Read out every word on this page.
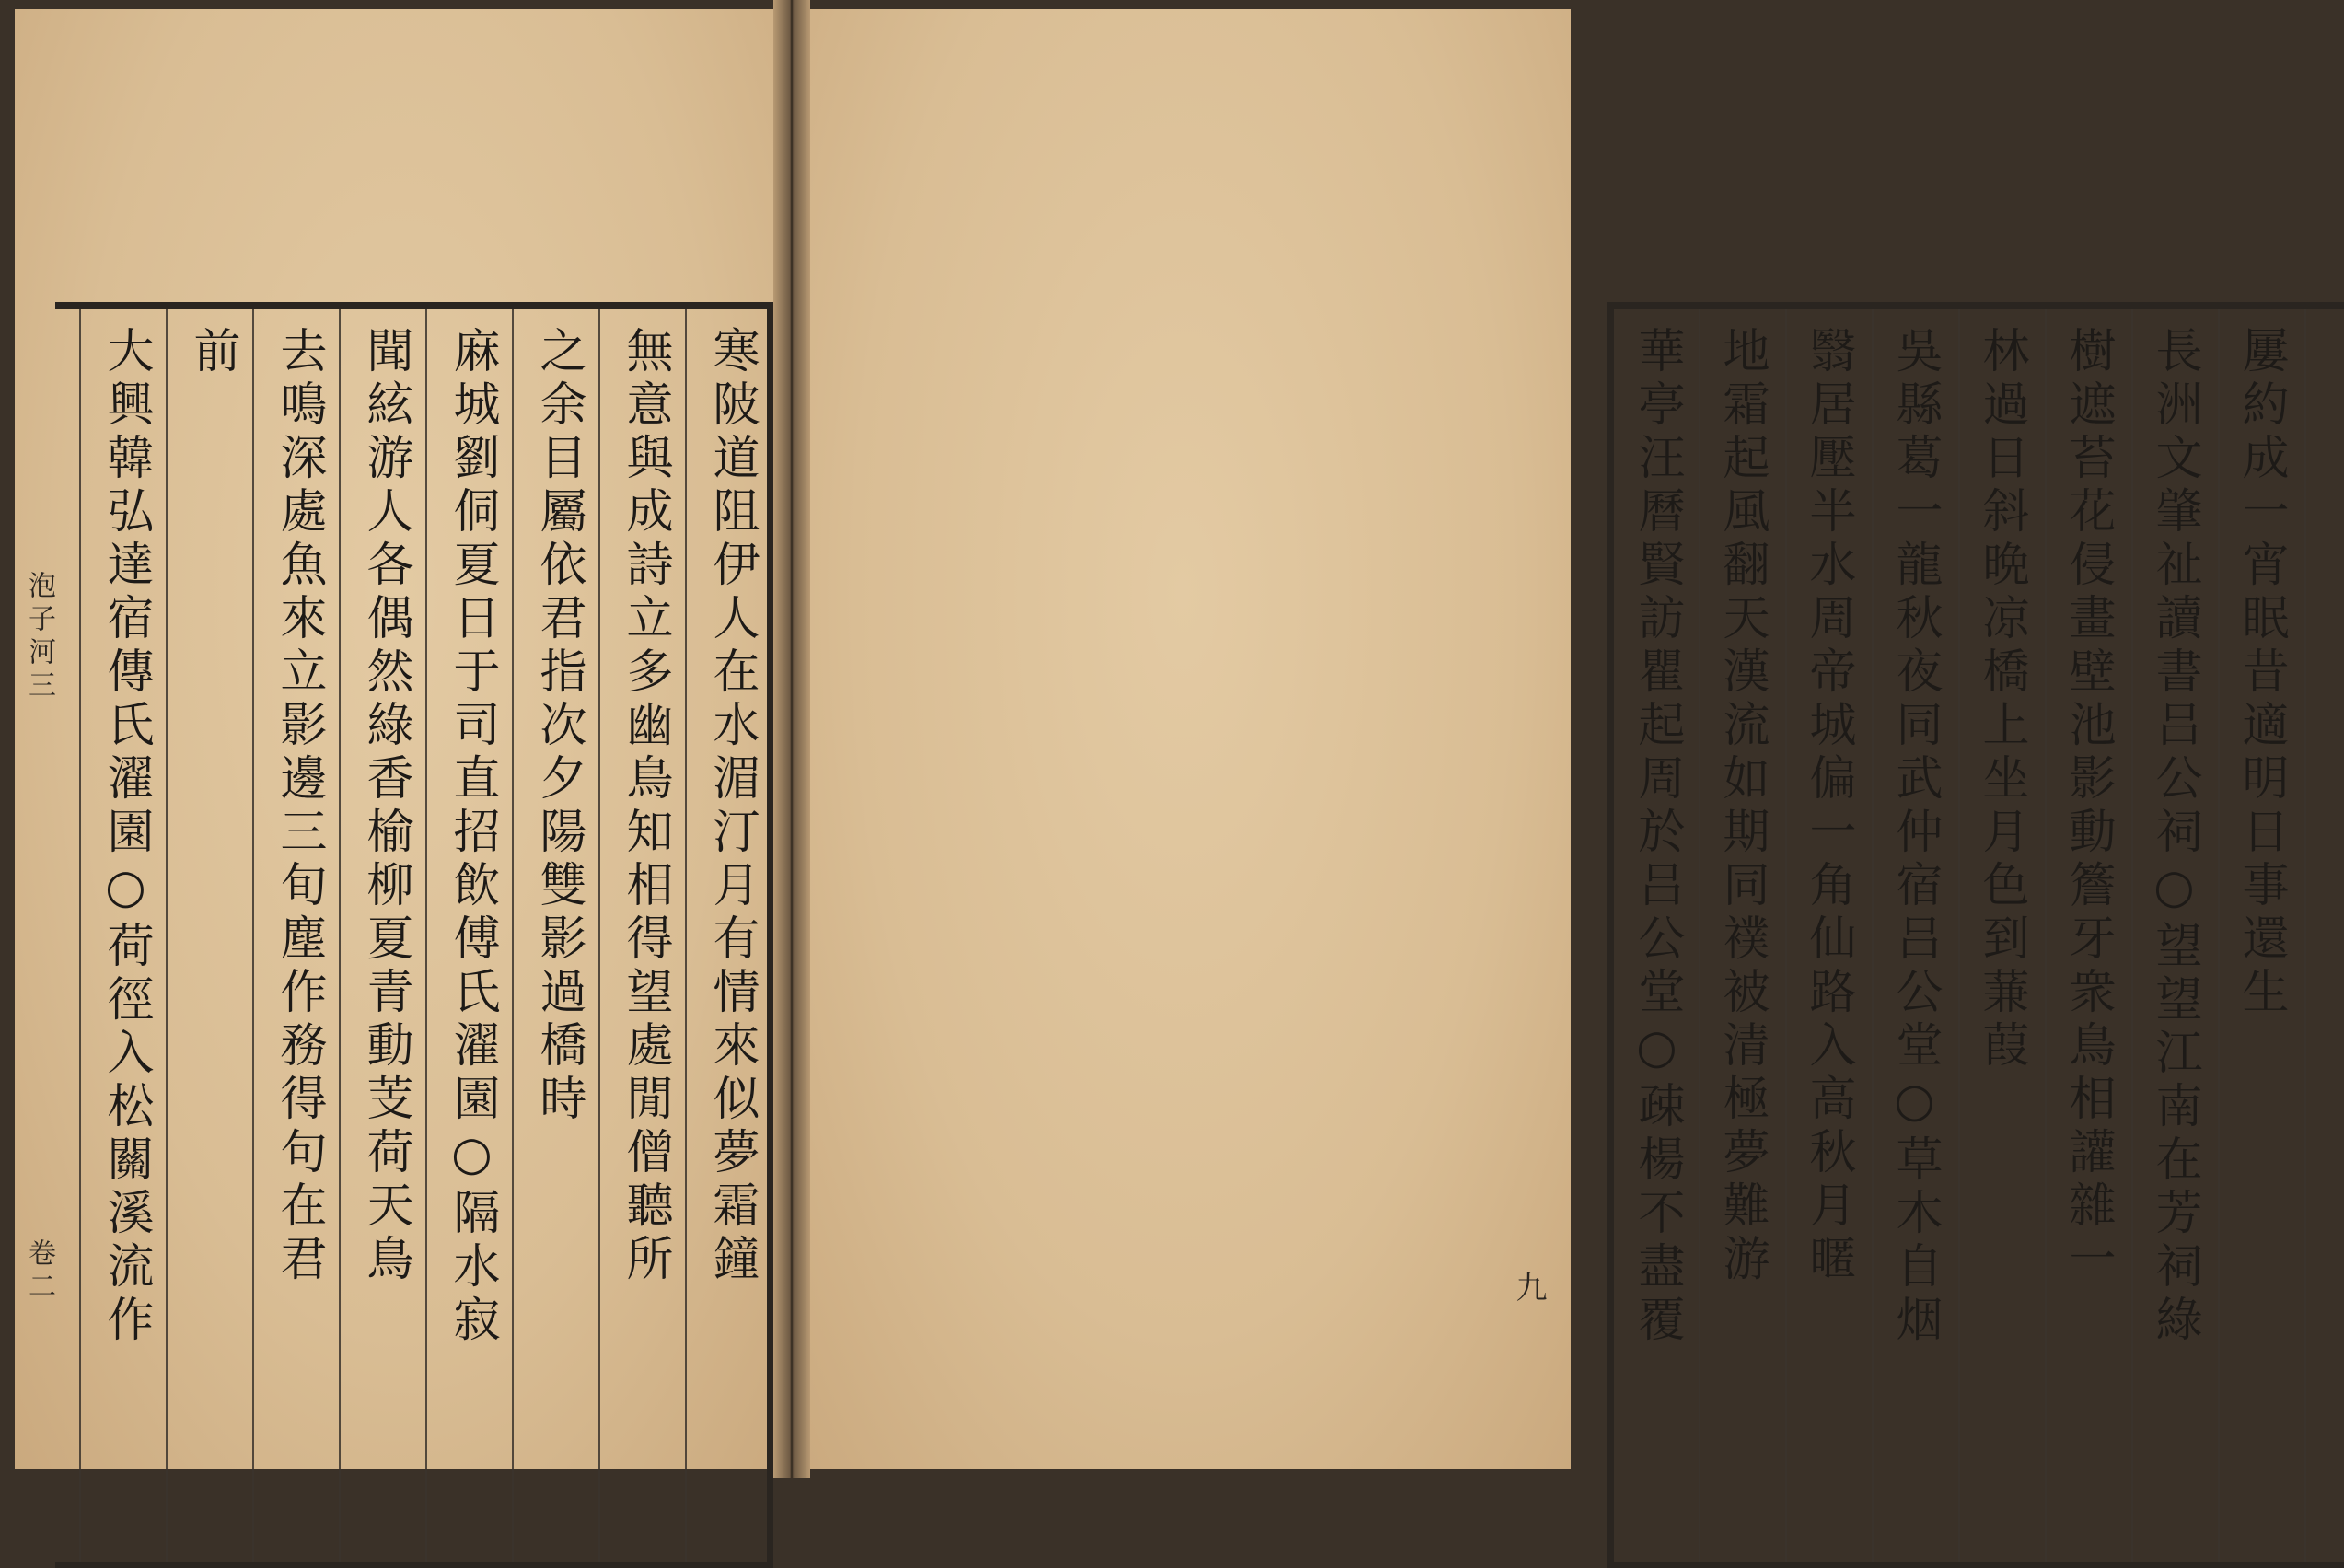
泡子河三
卷二	寒陂道阻伊人在水湄汀月有情來似夢霜鐘
無意與成詩立多幽鳥知相得望處閒僧聽所
之余目屬依君指次夕陽雙影過橋時
麻城劉侗夏日于司直招飲傅氏濯園○隔水寂
聞絃游人各偶然綠香榆柳夏青動芰荷天鳥
去鳴深處魚來立影邊三旬塵作務得句在君
前
大興韓弘達宿傳氏濯園○荷徑入松關溪流作	屢約成一宵眠昔適明日事還生
長洲文肇祉讀書吕公祠○望望江南在芳祠綠
樹遮苔花侵畫壁池影動簷牙衆鳥相讙雜一
林過日斜晩凉橋上坐月色到蒹葭
吳縣葛一龍秋夜同武仲宿吕公堂○草木自烟
翳居壓半水周帝城偏一角仙路入高秋月暱
地霜起風翻天漢流如期同襆被清極夢難游
華亭汪曆賢訪瞿起周於吕公堂○疎楊不盡覆
九
